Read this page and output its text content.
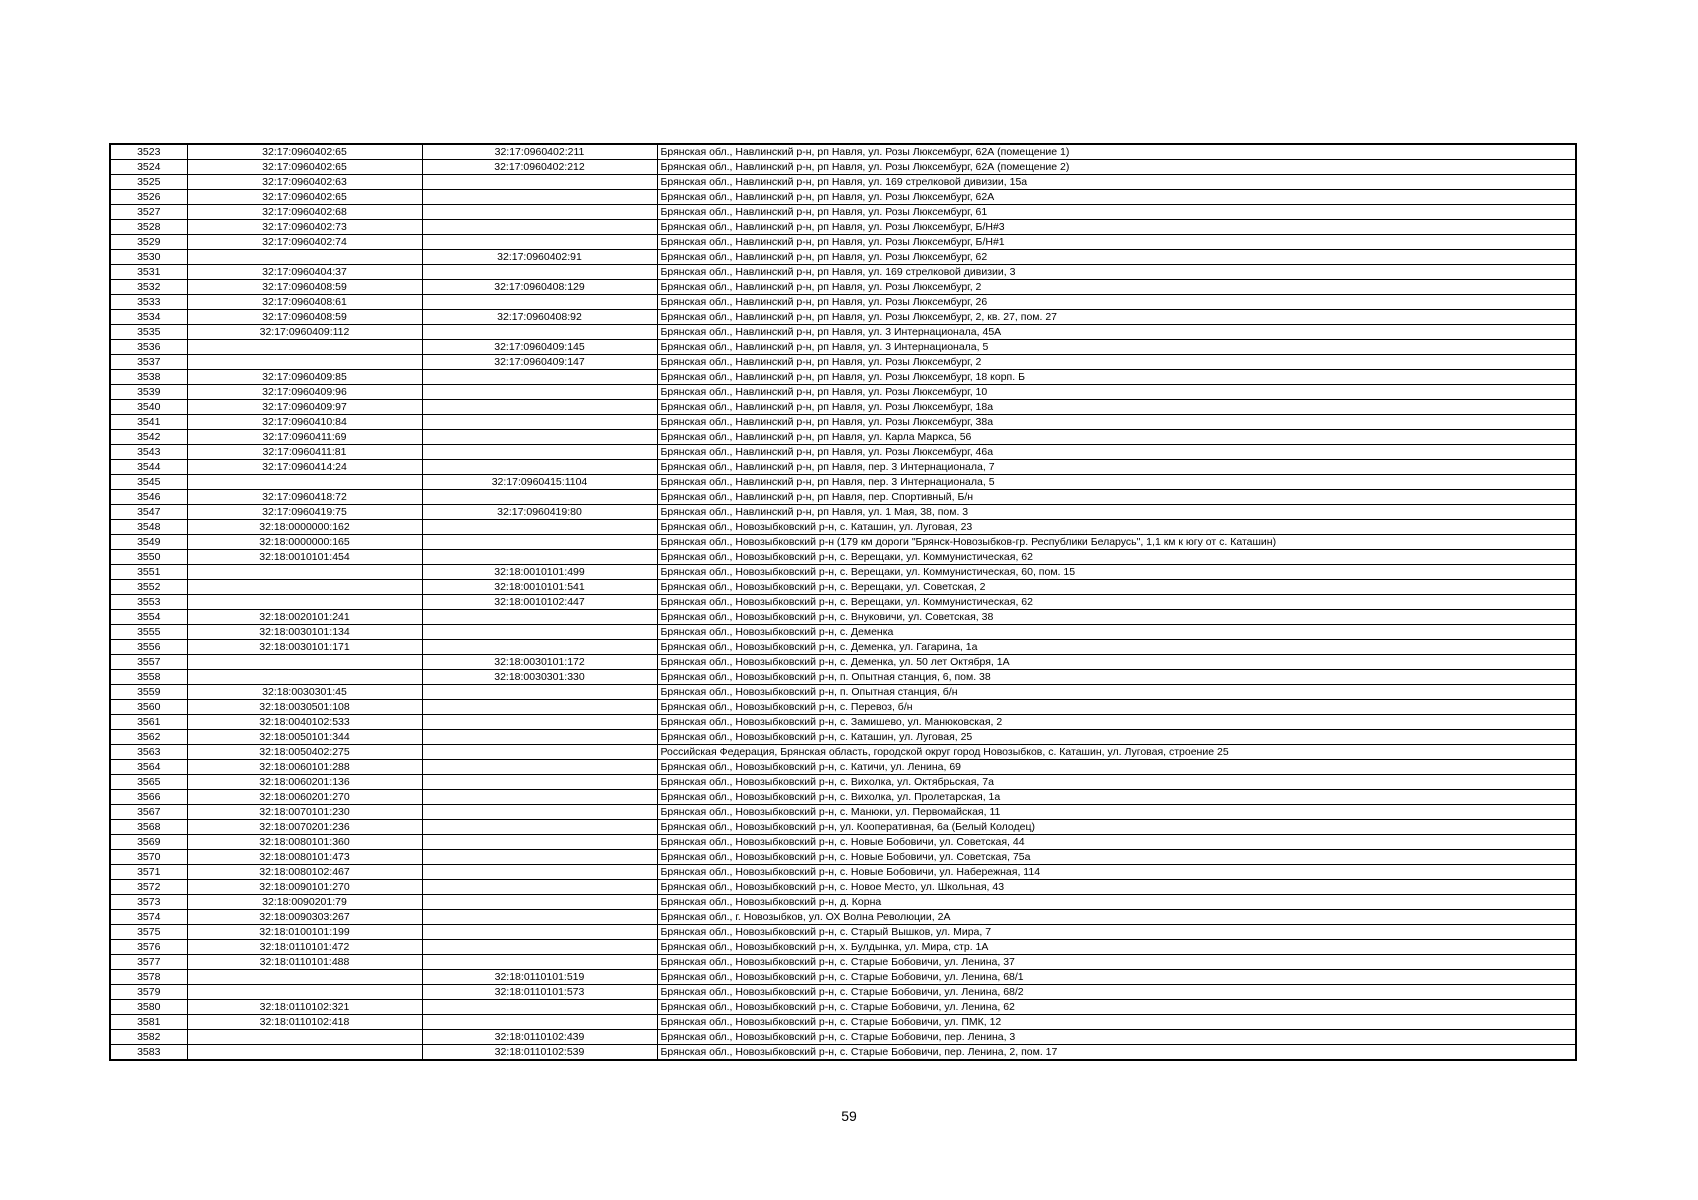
3523	32:17:0960402:65	32:17:0960402:211	Брянская обл., Навлинский р-н, рп Навля, ул. Розы Люксембург, 62А (помещение 1)
3524	32:17:0960402:65	32:17:0960402:212	Брянская обл., Навлинский р-н, рп Навля, ул. Розы Люксембург, 62А (помещение 2)
3525	32:17:0960402:63		Брянская обл., Навлинский р-н, рп Навля, ул. 169 стрелковой дивизии, 15а
3526	32:17:0960402:65		Брянская обл., Навлинский р-н, рп Навля, ул. Розы Люксембург, 62А
3527	32:17:0960402:68		Брянская обл., Навлинский р-н, рп Навля, ул. Розы Люксембург, 61
3528	32:17:0960402:73		Брянская обл., Навлинский р-н, рп Навля, ул. Розы Люксембург, Б/Н#3
3529	32:17:0960402:74		Брянская обл., Навлинский р-н, рп Навля, ул. Розы Люксембург, Б/Н#1
3530		32:17:0960402:91	Брянская обл., Навлинский р-н, рп Навля, ул. Розы Люксембург, 62
3531	32:17:0960404:37		Брянская обл., Навлинский р-н, рп Навля, ул. 169 стрелковой дивизии, 3
3532	32:17:0960408:59	32:17:0960408:129	Брянская обл., Навлинский р-н, рп Навля, ул. Розы Люксембург, 2
3533	32:17:0960408:61		Брянская обл., Навлинский р-н, рп Навля, ул. Розы Люксембург, 26
3534	32:17:0960408:59	32:17:0960408:92	Брянская обл., Навлинский р-н, рп Навля, ул. Розы Люксембург, 2, кв. 27, пом. 27
3535	32:17:0960409:112		Брянская обл., Навлинский р-н, рп Навля, ул. 3 Интернационала, 45А
3536		32:17:0960409:145	Брянская обл., Навлинский р-н, рп Навля, ул. 3 Интернационала, 5
3537		32:17:0960409:147	Брянская обл., Навлинский р-н, рп Навля, ул. Розы Люксембург, 2
3538	32:17:0960409:85		Брянская обл., Навлинский р-н, рп Навля, ул. Розы Люксембург, 18 корп. Б
3539	32:17:0960409:96		Брянская обл., Навлинский р-н, рп Навля, ул. Розы Люксембург, 10
3540	32:17:0960409:97		Брянская обл., Навлинский р-н, рп Навля, ул. Розы Люксембург, 18а
3541	32:17:0960410:84		Брянская обл., Навлинский р-н, рп Навля, ул. Розы Люксембург, 38а
3542	32:17:0960411:69		Брянская обл., Навлинский р-н, рп Навля, ул. Карла Маркса, 56
3543	32:17:0960411:81		Брянская обл., Навлинский р-н, рп Навля, ул. Розы Люксембург, 46а
3544	32:17:0960414:24		Брянская обл., Навлинский р-н, рп Навля, пер. 3 Интернационала, 7
3545		32:17:0960415:1104	Брянская обл., Навлинский р-н, рп Навля, пер. 3 Интернационала, 5
3546	32:17:0960418:72		Брянская обл., Навлинский р-н, рп Навля, пер. Спортивный, Б/н
3547	32:17:0960419:75	32:17:0960419:80	Брянская обл., Навлинский р-н, рп Навля, ул. 1 Мая, 38, пом. 3
3548	32:18:0000000:162		Брянская обл., Новозыбковский р-н, с. Каташин, ул. Луговая, 23
3549	32:18:0000000:165		Брянская обл., Новозыбковский р-н (179 км дороги "Брянск-Новозыбков-гр. Республики Беларусь", 1,1 км к югу от с. Каташин)
3550	32:18:0010101:454		Брянская обл., Новозыбковский р-н, с. Верещаки, ул. Коммунистическая, 62
3551		32:18:0010101:499	Брянская обл., Новозыбковский р-н, с. Верещаки, ул. Коммунистическая, 60, пом. 15
3552		32:18:0010101:541	Брянская обл., Новозыбковский р-н, с. Верещаки, ул. Советская, 2
3553		32:18:0010102:447	Брянская обл., Новозыбковский р-н, с. Верещаки, ул. Коммунистическая, 62
3554	32:18:0020101:241		Брянская обл., Новозыбковский р-н, с. Внуковичи, ул. Советская, 38
3555	32:18:0030101:134		Брянская обл., Новозыбковский р-н, с. Деменка
3556	32:18:0030101:171		Брянская обл., Новозыбковский р-н, с. Деменка, ул. Гагарина, 1а
3557		32:18:0030101:172	Брянская обл., Новозыбковский р-н, с. Деменка, ул. 50 лет Октября, 1А
3558		32:18:0030301:330	Брянская обл., Новозыбковский р-н, п. Опытная станция, 6, пом. 38
3559	32:18:0030301:45		Брянская обл., Новозыбковский р-н, п. Опытная станция, б/н
3560	32:18:0030501:108		Брянская обл., Новозыбковский р-н, с. Перевоз, б/н
3561	32:18:0040102:533		Брянская обл., Новозыбковский р-н, с. Замишево, ул. Манюковская, 2
3562	32:18:0050101:344		Брянская обл., Новозыбковский р-н, с. Каташин, ул. Луговая, 25
3563	32:18:0050402:275		Российская Федерация, Брянская область, городской округ город Новозыбков, с. Каташин, ул. Луговая, строение 25
3564	32:18:0060101:288		Брянская обл., Новозыбковский р-н, с. Катичи, ул. Ленина, 69
3565	32:18:0060201:136		Брянская обл., Новозыбковский р-н, с. Вихолка, ул. Октябрьская, 7а
3566	32:18:0060201:270		Брянская обл., Новозыбковский р-н, с. Вихолка, ул. Пролетарская, 1а
3567	32:18:0070101:230		Брянская обл., Новозыбковский р-н, с. Манюки, ул. Первомайская, 11
3568	32:18:0070201:236		Брянская обл., Новозыбковский р-н, ул. Кооперативная, 6а (Белый Колодец)
3569	32:18:0080101:360		Брянская обл., Новозыбковский р-н, с. Новые Бобовичи, ул. Советская, 44
3570	32:18:0080101:473		Брянская обл., Новозыбковский р-н, с. Новые Бобовичи, ул. Советская, 75а
3571	32:18:0080102:467		Брянская обл., Новозыбковский р-н, с. Новые Бобовичи, ул. Набережная, 114
3572	32:18:0090101:270		Брянская обл., Новозыбковский р-н, с. Новое Место, ул. Школьная, 43
3573	32:18:0090201:79		Брянская обл., Новозыбковский р-н, д. Корна
3574	32:18:0090303:267		Брянская обл., г. Новозыбков, ул. ОХ Волна Революции, 2А
3575	32:18:0100101:199		Брянская обл., Новозыбковский р-н, с. Старый Вышков, ул. Мира, 7
3576	32:18:0110101:472		Брянская обл., Новозыбковский р-н, х. Булдынка, ул. Мира, стр. 1А
3577	32:18:0110101:488		Брянская обл., Новозыбковский р-н, с. Старые Бобовичи, ул. Ленина, 37
3578		32:18:0110101:519	Брянская обл., Новозыбковский р-н, с. Старые Бобовичи, ул. Ленина, 68/1
3579		32:18:0110101:573	Брянская обл., Новозыбковский р-н, с. Старые Бобовичи, ул. Ленина, 68/2
3580	32:18:0110102:321		Брянская обл., Новозыбковский р-н, с. Старые Бобовичи, ул. Ленина, 62
3581	32:18:0110102:418		Брянская обл., Новозыбковский р-н, с. Старые Бобовичи, ул. ПМК, 12
3582		32:18:0110102:439	Брянская обл., Новозыбковский р-н, с. Старые Бобовичи, пер. Ленина, 3
3583		32:18:0110102:539	Брянская обл., Новозыбковский р-н, с. Старые Бобовичи, пер. Ленина, 2, пом. 17
59
